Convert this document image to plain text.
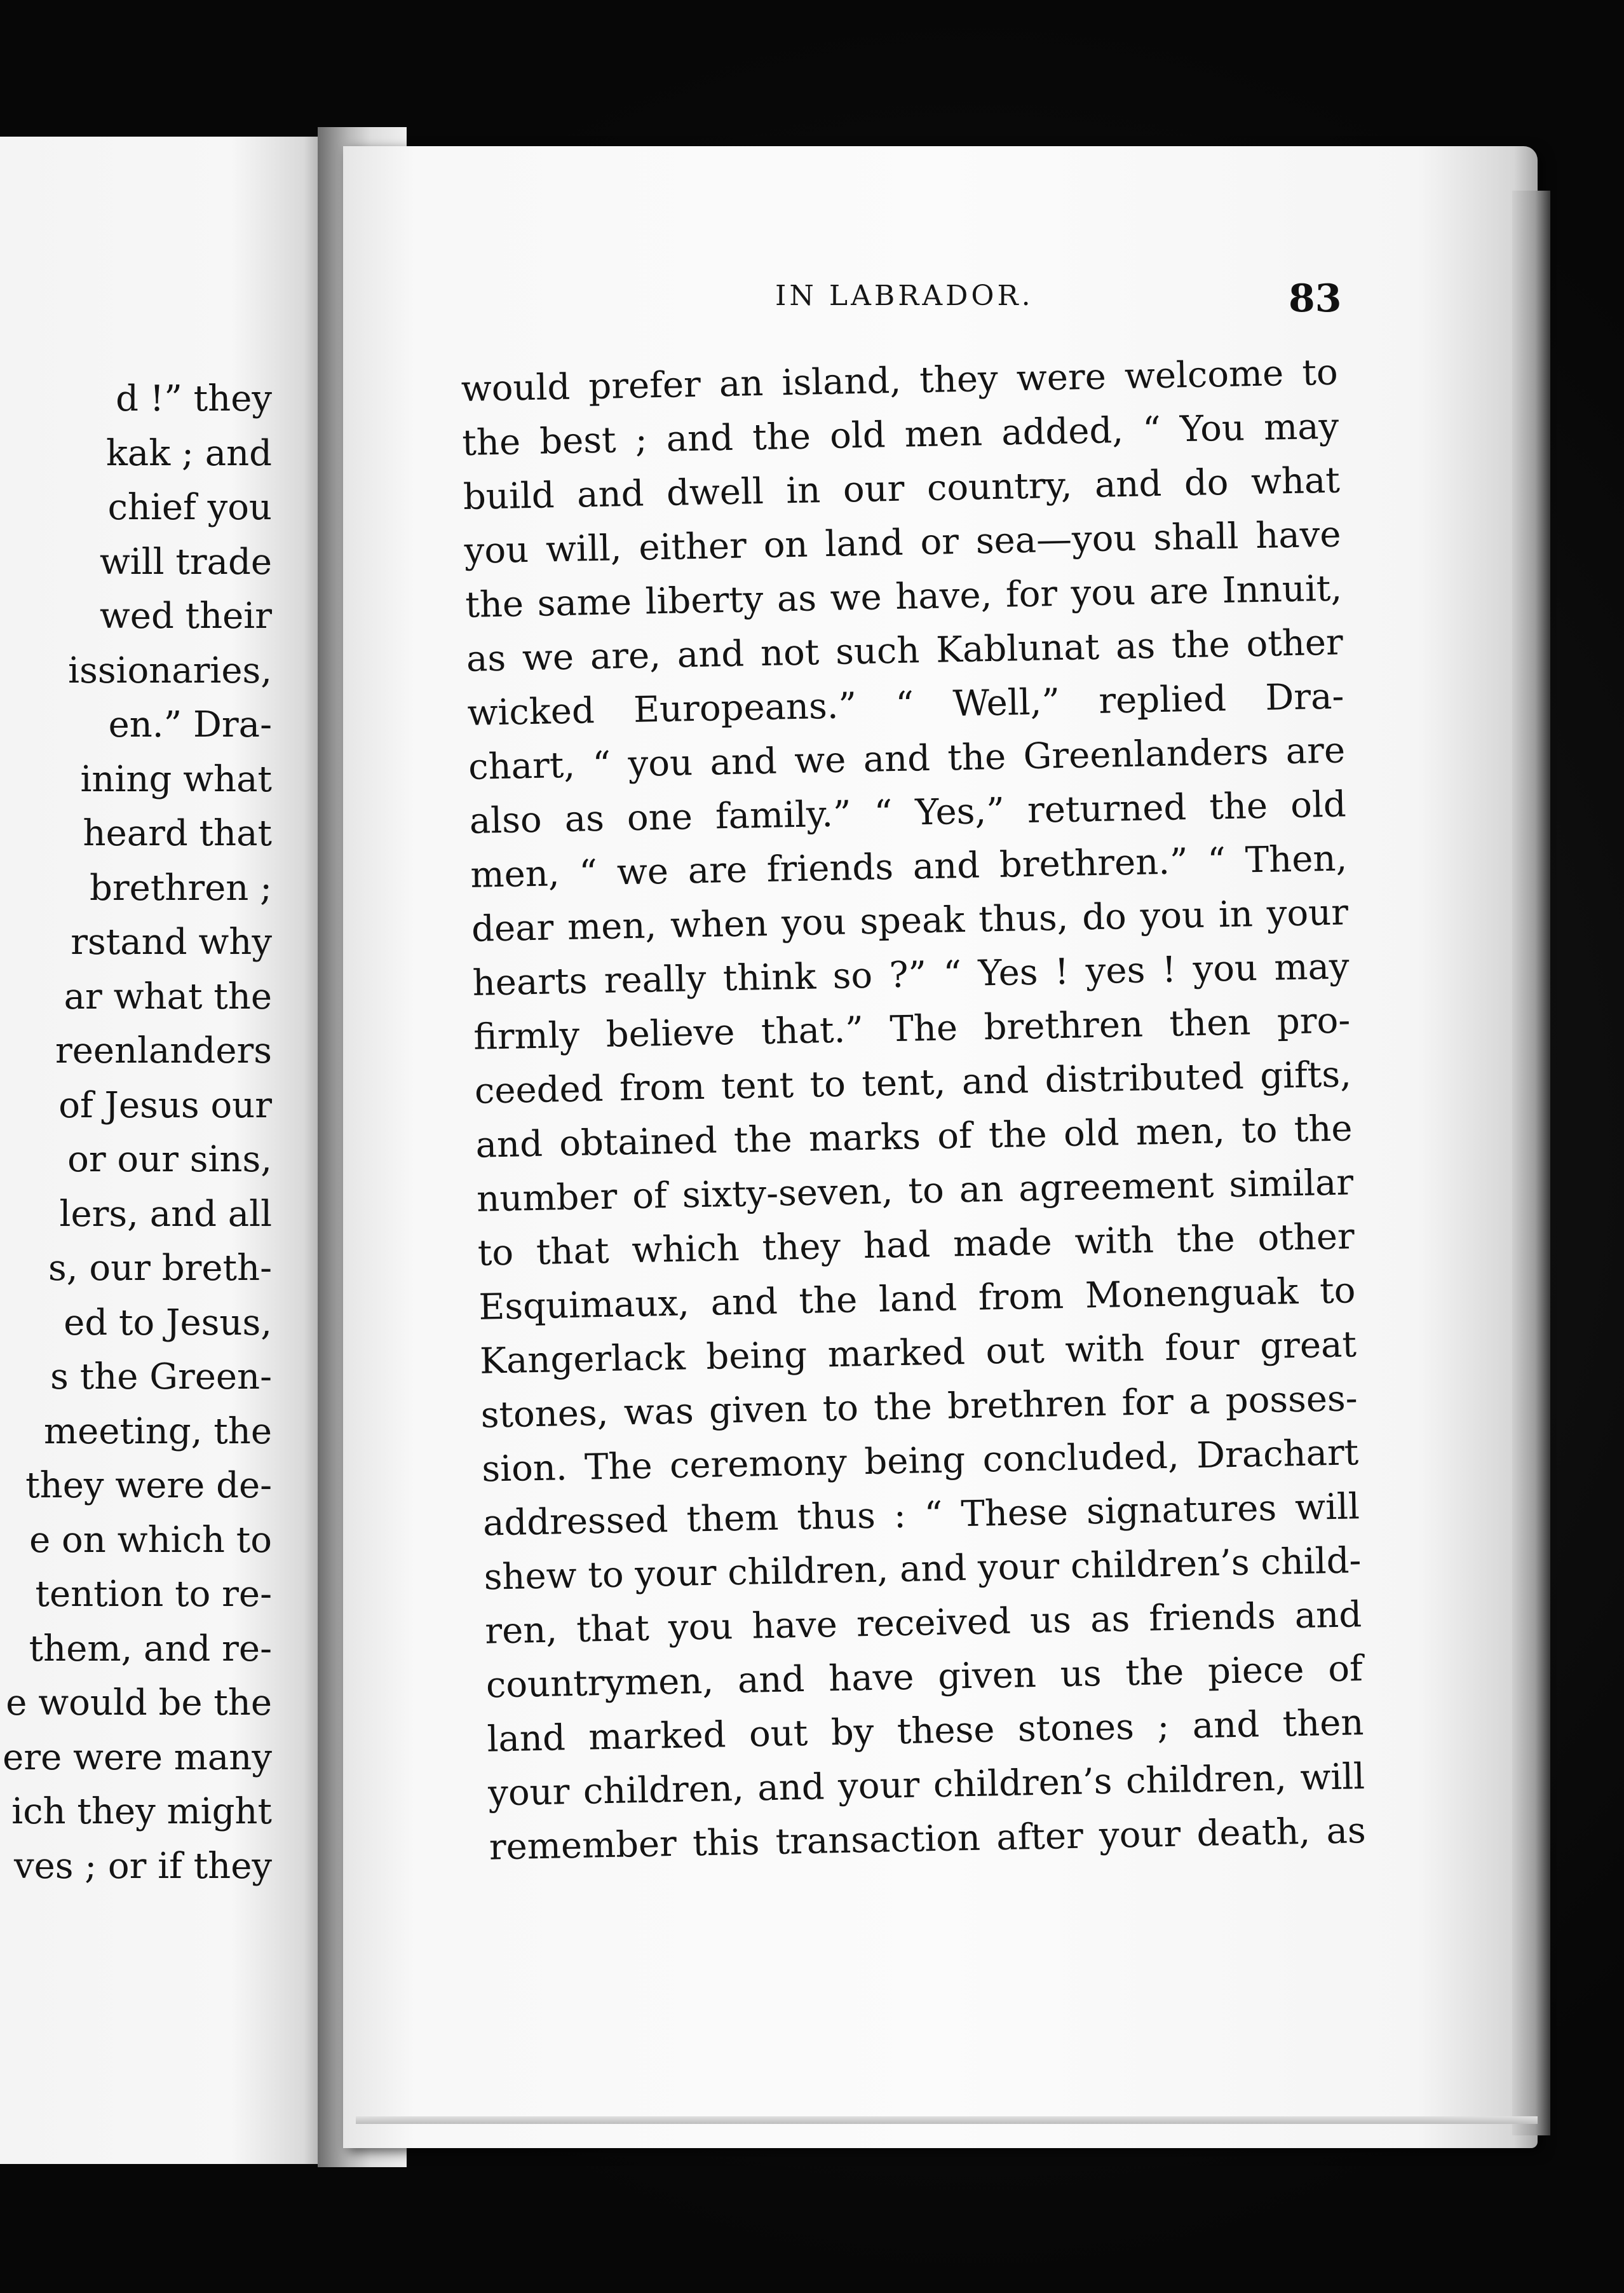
d !” they
kak ; and
chief you
will trade
wed their
issionaries,
en.” Dra-
ining what
heard that
brethren ;
rstand why
ar what the
reenlanders
of Jesus our
or our sins,
lers, and all
s, our breth-
ed to Jesus,
s the Green-
meeting, the
they were de-
e on which to
tention to re-
them, and re-
e would be the
ere were many
ich they might
ves ; or if they
IN LABRADOR.	83
would prefer an island, they were welcome to
the best ; and the old men added, “ You may
build and dwell in our country, and do what
you will, either on land or sea—you shall have
the same liberty as we have, for you are Innuit,
as we are, and not such Kablunat as the other
wicked Europeans.” “ Well,” replied Dra-
chart, “ you and we and the Greenlanders are
also as one family.” “ Yes,” returned the old
men, “ we are friends and brethren.” “ Then,
dear men, when you speak thus, do you in your
hearts really think so ?” “ Yes ! yes ! you may
firmly believe that.” The brethren then pro-
ceeded from tent to tent, and distributed gifts,
and obtained the marks of the old men, to the
number of sixty-seven, to an agreement similar
to that which they had made with the other
Esquimaux, and the land from Monenguak to
Kangerlack being marked out with four great
stones, was given to the brethren for a posses-
sion. The ceremony being concluded, Drachart
addressed them thus : “ These signatures will
shew to your children, and your children’s child-
ren, that you have received us as friends and
countrymen, and have given us the piece of
land marked out by these stones ; and then
your children, and your children’s children, will
remember this transaction after your death, as
